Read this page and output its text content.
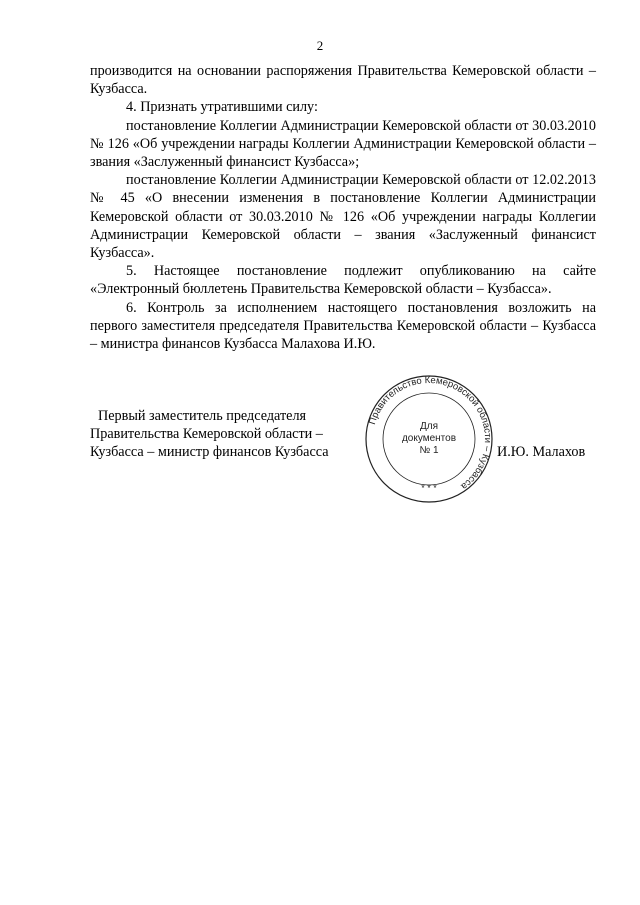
2

производится на основании распоряжения Правительства Кемеровской области – Кузбасса.

4. Признать утратившими силу:

постановление Коллегии Администрации Кемеровской области от 30.03.2010 № 126 «Об учреждении награды Коллегии Администрации Кемеровской области – звания «Заслуженный финансист Кузбасса»;

постановление Коллегии Администрации Кемеровской области от 12.02.2013 № 45 «О внесении изменения в постановление Коллегии Администрации Кемеровской области от 30.03.2010 № 126 «Об учреждении награды Коллегии Администрации Кемеровской области – звания «Заслуженный финансист Кузбасса».

5. Настоящее постановление подлежит опубликованию на сайте «Электронный бюллетень Правительства Кемеровской области – Кузбасса».

6. Контроль за исполнением настоящего постановления возложить на первого заместителя председателя Правительства Кемеровской области – Кузбасса – министра финансов Кузбасса Малахова И.Ю.

Первый заместитель председателя

Правительства Кемеровской области –

Кузбасса – министр финансов Кузбасса

Правительство Кемеровской области – Кузбасса
Для
документов
№ 1
* * *

И.Ю. Малахов
